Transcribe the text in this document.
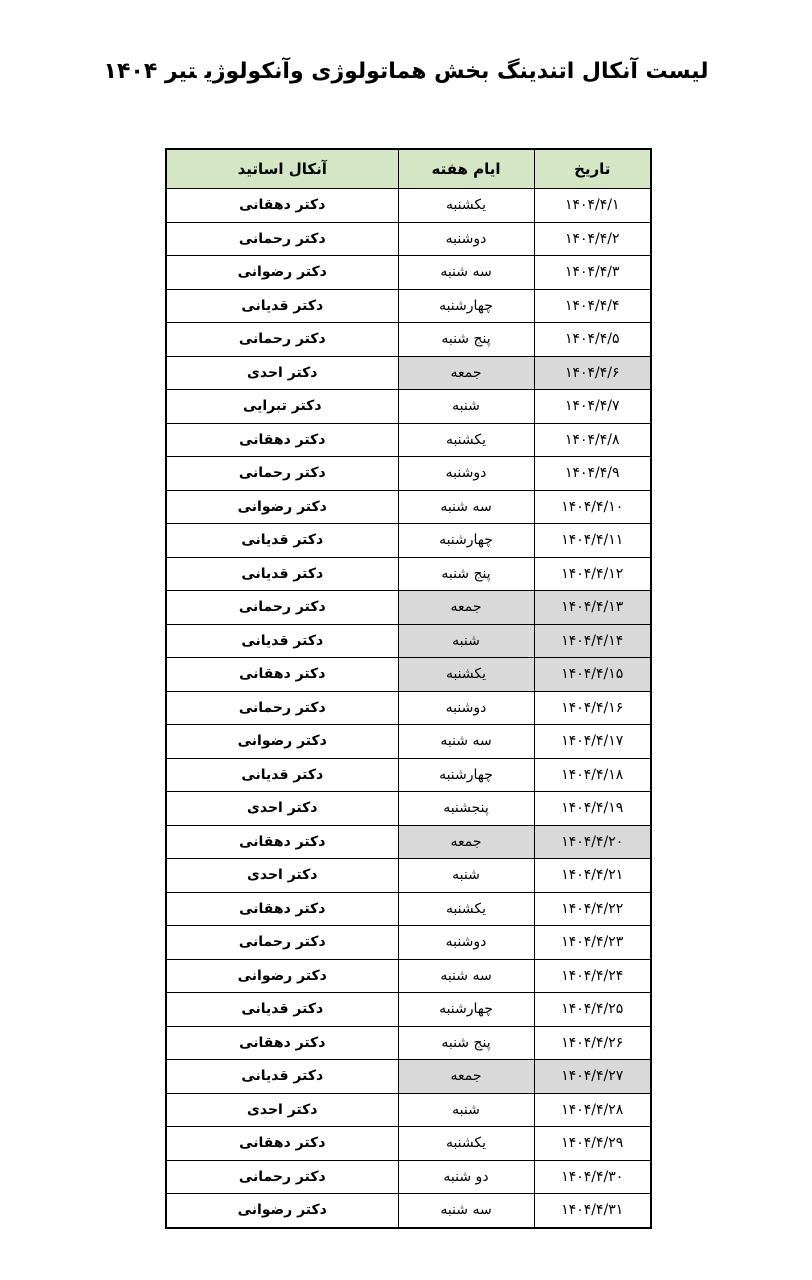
لیست آنکال اتندینگ بخش هماتولوژی وآنکولوژیتیر ۱۴۰۴
آنکال اساتید	ایام هفته	تاریخ
دکتر دهقانی	یکشنبه	۱۴۰۴/۴/۱
دکتر رحمانی	دوشنبه	۱۴۰۴/۴/۲
دکتر رضوانی	سه شنبه	۱۴۰۴/۴/۳
دکتر قدیانی	چهارشنبه	۱۴۰۴/۴/۴
دکتر رحمانی	پنج شنبه	۱۴۰۴/۴/۵
دکتر احدی	جمعه	۱۴۰۴/۴/۶
دکتر تبرایی	شنبه	۱۴۰۴/۴/۷
دکتر دهقانی	یکشنبه	۱۴۰۴/۴/۸
دکتر رحمانی	دوشنبه	۱۴۰۴/۴/۹
دکتر رضوانی	سه شنبه	۱۴۰۴/۴/۱۰
دکتر قدیانی	چهارشنبه	۱۴۰۴/۴/۱۱
دکتر قدیانی	پنج شنبه	۱۴۰۴/۴/۱۲
دکتر رحمانی	جمعه	۱۴۰۴/۴/۱۳
دکتر قدیانی	شنبه	۱۴۰۴/۴/۱۴
دکتر دهقانی	یکشنبه	۱۴۰۴/۴/۱۵
دکتر رحمانی	دوشنبه	۱۴۰۴/۴/۱۶
دکتر رضوانی	سه شنبه	۱۴۰۴/۴/۱۷
دکتر قدیانی	چهارشنبه	۱۴۰۴/۴/۱۸
دکتر احدی	پنجشنبه	۱۴۰۴/۴/۱۹
دکتر دهقانی	جمعه	۱۴۰۴/۴/۲۰
دکتر احدی	شنبه	۱۴۰۴/۴/۲۱
دکتر دهقانی	یکشنبه	۱۴۰۴/۴/۲۲
دکتر رحمانی	دوشنبه	۱۴۰۴/۴/۲۳
دکتر رضوانی	سه شنبه	۱۴۰۴/۴/۲۴
دکتر قدیانی	چهارشنبه	۱۴۰۴/۴/۲۵
دکتر دهقانی	پنج شنبه	۱۴۰۴/۴/۲۶
دکتر قدیانی	جمعه	۱۴۰۴/۴/۲۷
دکتر احدی	شنبه	۱۴۰۴/۴/۲۸
دکتر دهقانی	یکشنبه	۱۴۰۴/۴/۲۹
دکتر رحمانی	دو شنبه	۱۴۰۴/۴/۳۰
دکتر رضوانی	سه شنبه	۱۴۰۴/۴/۳۱
